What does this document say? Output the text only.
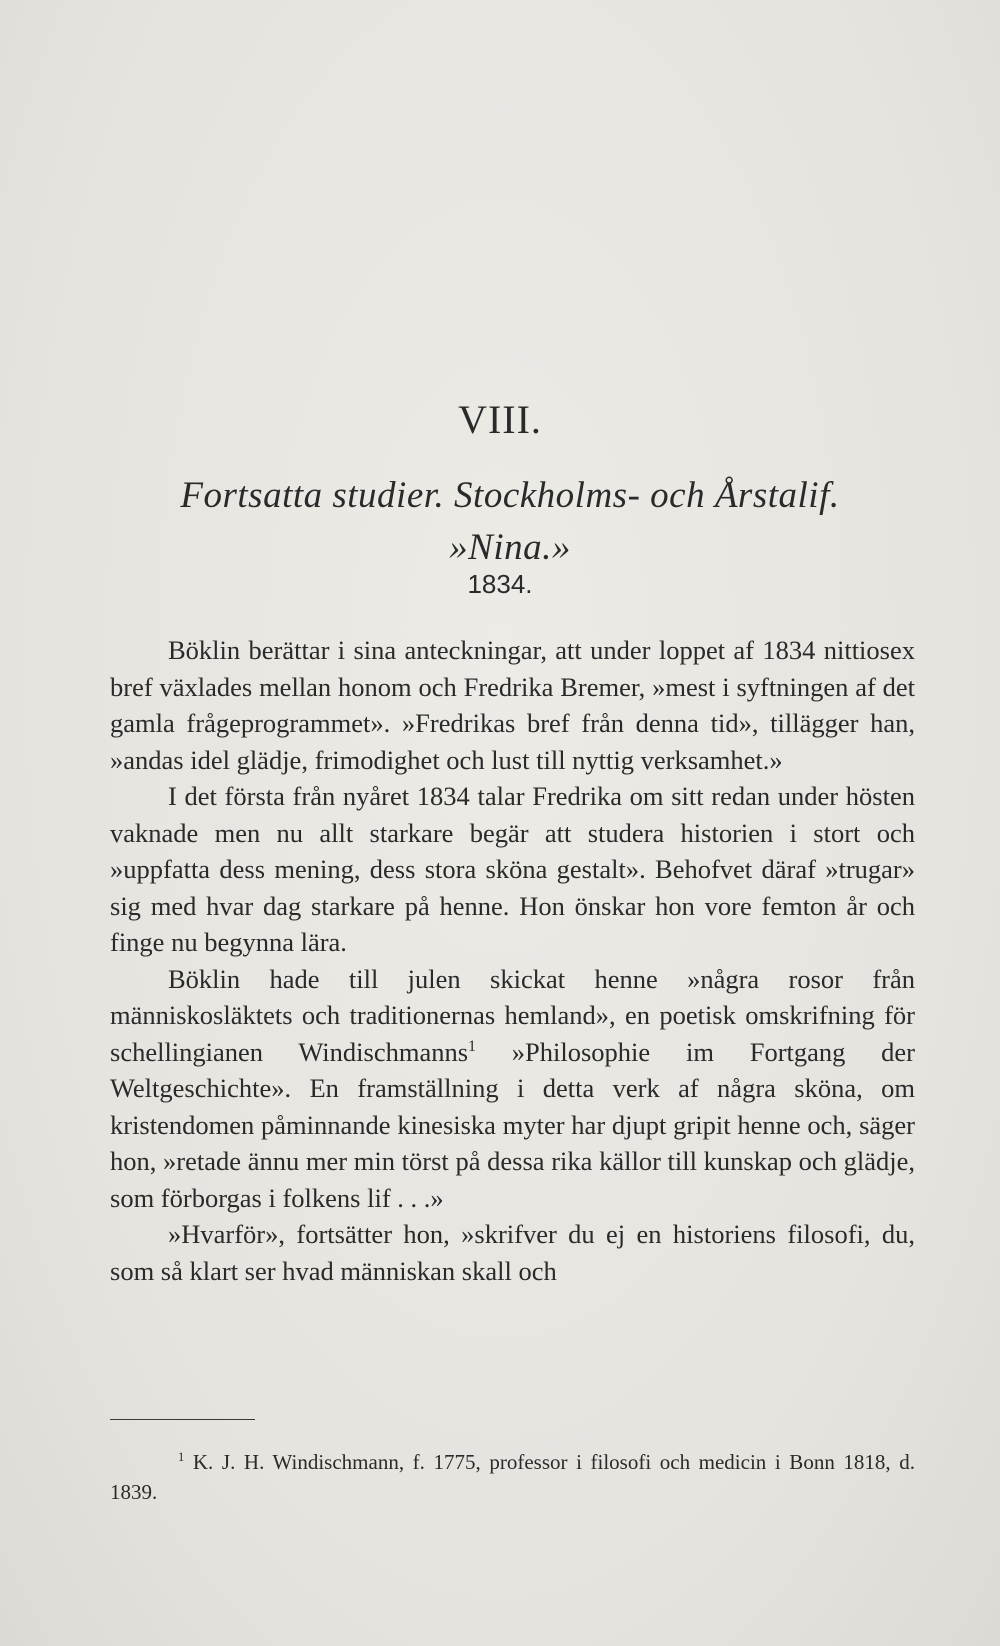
VIII.
Fortsatta studier. Stockholms- och Årstalif. »Nina.»
1834.

Böklin berättar i sina anteckningar, att under loppet af 1834 nittiosex bref växlades mellan honom och Fredrika Bremer, »mest i syftningen af det gamla frågeprogrammet». »Fredrikas bref från denna tid», tillägger han, »andas idel glädje, frimodighet och lust till nyttig verksamhet.»

I det första från nyåret 1834 talar Fredrika om sitt redan under hösten vaknade men nu allt starkare begär att studera historien i stort och »uppfatta dess mening, dess stora sköna gestalt». Behofvet däraf »trugar» sig med hvar dag starkare på henne. Hon önskar hon vore femton år och finge nu begynna lära.

Böklin hade till julen skickat henne »några rosor från människosläktets och traditionernas hemland», en poetisk omskrifning för schellingianen Windischmanns$^1$ »Philosophie im Fortgang der Weltgeschichte». En framställning i detta verk af några sköna, om kristendomen påminnande kinesiska myter har djupt gripit henne och, säger hon, »retade ännu mer min törst på dessa rika källor till kunskap och glädje, som förborgas i folkens lif . . .»

»Hvarför», fortsätter hon, »skrifver du ej en historiens filosofi, du, som så klart ser hvad människan skall och

$^1$ K. J. H. Windischmann, f. 1775, professor i filosofi och medicin i Bonn 1818, d. 1839.
